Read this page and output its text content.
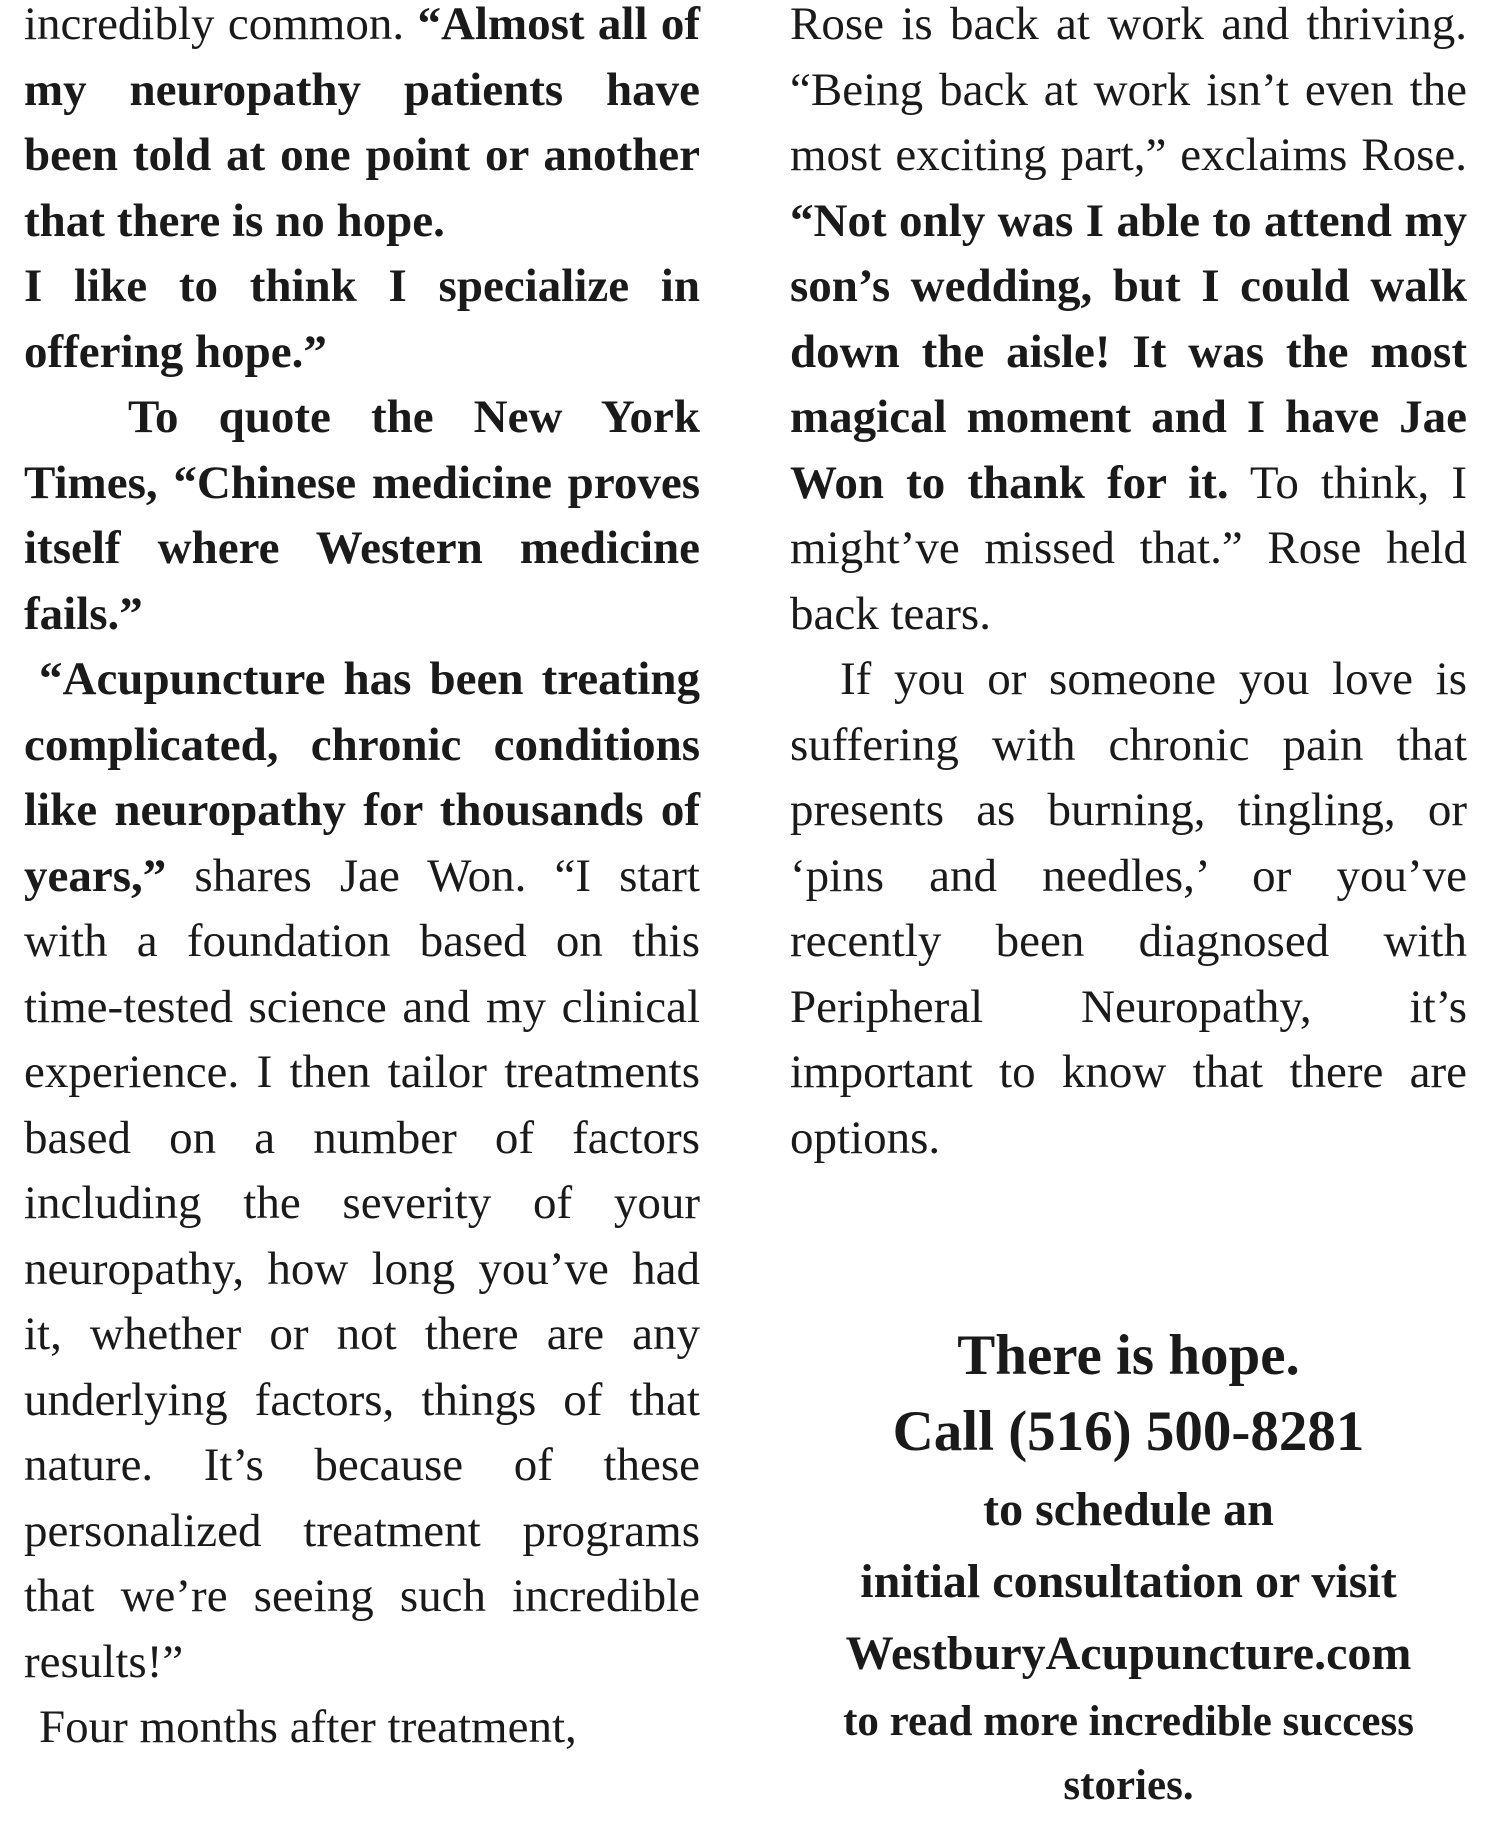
incredibly common. “Almost all of my neuropathy patients have been told at one point or another that there is no hope.

I like to think I specialize in offering hope.”

To quote the New York Times, “Chinese medicine proves itself where Western medicine fails.”

“Acupuncture has been treating complicated, chronic conditions like neuropathy for thousands of years,” shares Jae Won. “I start with a foundation based on this time-tested science and my clinical experience. I then tailor treatments based on a number of factors including the severity of your neuropathy, how long you’ve had it, whether or not there are any underlying factors, things of that nature. It’s because of these personalized treatment programs that we’re seeing such incredible results!”

Four months after treatment,

Rose is back at work and thriving. “Being back at work isn’t even the most exciting part,” exclaims Rose. “Not only was I able to attend my son’s wedding, but I could walk down the aisle! It was the most magical moment and I have Jae Won to thank for it. To think, I might’ve missed that.” Rose held back tears.

If you or someone you love is suffering with chronic pain that presents as burning, tingling, or ‘pins and needles,’ or you’ve recently been diagnosed with Peripheral Neuropathy, it’s important to know that there are options.

There is hope.
Call (516) 500-8281
to schedule an
initial consultation or visit
WestburyAcupuncture.com
to read more incredible success stories.
